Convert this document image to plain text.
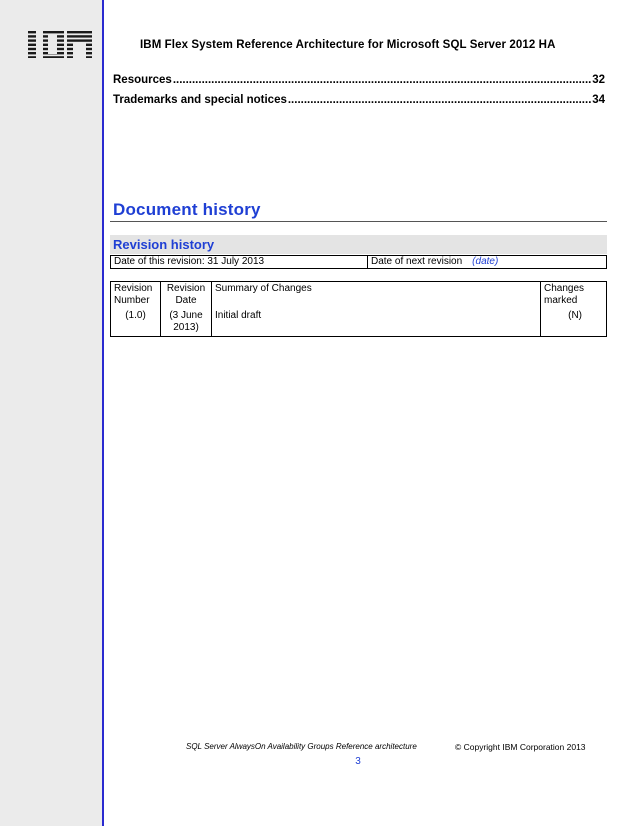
IBM Flex System Reference Architecture for Microsoft SQL Server 2012 HA
Resources .....	32
Trademarks and special notices .....	34
Document history
Revision history
Date of this revision: 31 July 2013	Date of next revision (date)
Revision Number	Revision Date	Summary of Changes	Changes marked
(1.0)	(3 June 2013)	Initial draft	(N)
SQL Server AlwaysOn Availability Groups Reference architecture	© Copyright IBM Corporation 2013
3
